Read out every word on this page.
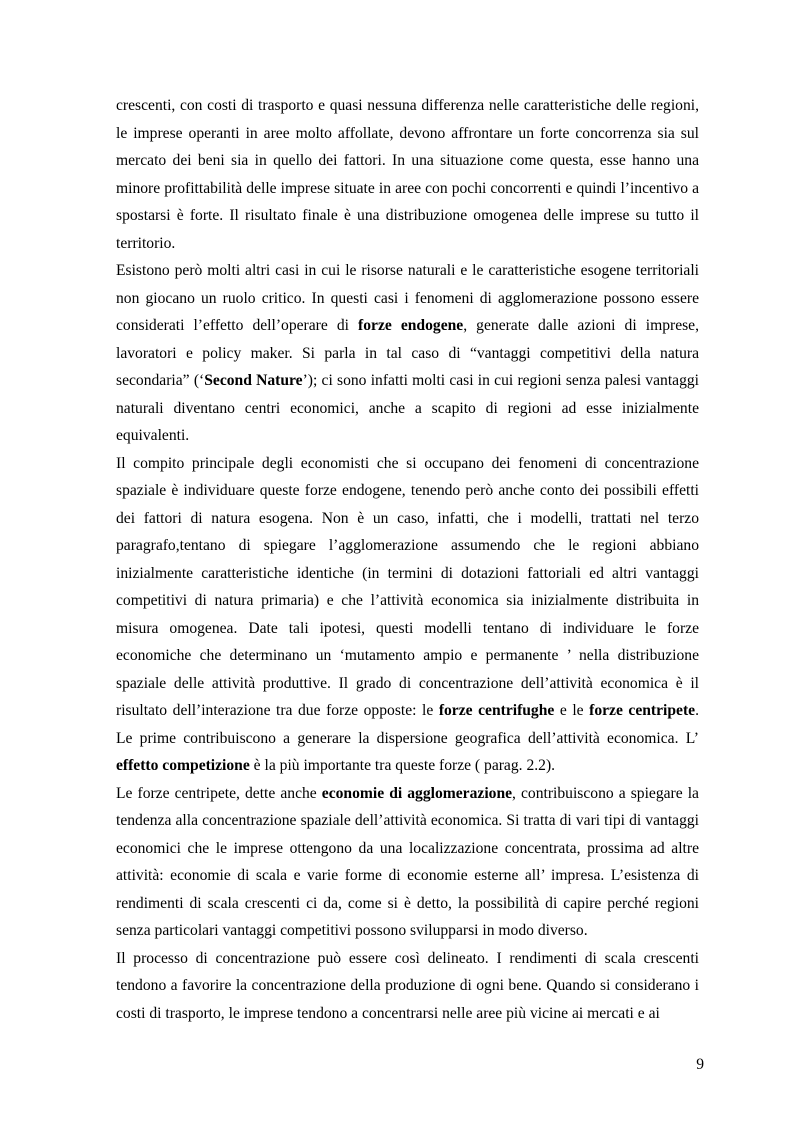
crescenti, con costi di trasporto e quasi nessuna differenza nelle caratteristiche delle regioni, le imprese operanti in aree molto affollate, devono affrontare un forte concorrenza sia sul mercato dei beni sia in quello dei fattori. In una situazione come questa, esse hanno una minore profittabilità delle imprese situate in aree con pochi concorrenti e quindi l’incentivo a spostarsi è forte. Il risultato finale è una distribuzione omogenea delle imprese su tutto il territorio.

Esistono però molti altri casi in cui le risorse naturali e le caratteristiche esogene territoriali non giocano un ruolo critico. In questi casi i fenomeni di agglomerazione possono essere considerati l’effetto dell’operare di forze endogene, generate dalle azioni di imprese, lavoratori e policy maker. Si parla in tal caso di “vantaggi competitivi della natura secondaria” (‘Second Nature’); ci sono infatti molti casi in cui regioni senza palesi vantaggi naturali diventano centri economici, anche a scapito di regioni ad esse inizialmente equivalenti.

Il compito principale degli economisti che si occupano dei fenomeni di concentrazione spaziale è individuare queste forze endogene, tenendo però anche conto dei possibili effetti dei fattori di natura esogena. Non è un caso, infatti, che i modelli, trattati nel terzo paragrafo,tentano di spiegare l’agglomerazione assumendo che le regioni abbiano inizialmente caratteristiche identiche (in termini di dotazioni fattoriali ed altri vantaggi competitivi di natura primaria) e che l’attività economica sia inizialmente distribuita in misura omogenea. Date tali ipotesi, questi modelli tentano di individuare le forze economiche che determinano un ‘mutamento ampio e permanente ’ nella distribuzione spaziale delle attività produttive. Il grado di concentrazione dell’attività economica è il risultato dell’interazione tra due forze opposte: le forze centrifughe e le forze centripete. Le prime contribuiscono a generare la dispersione geografica dell’attività economica. L’ effetto competizione è la più importante tra queste forze ( parag. 2.2).

Le forze centripete, dette anche economie di agglomerazione, contribuiscono a spiegare la tendenza alla concentrazione spaziale dell’attività economica. Si tratta di vari tipi di vantaggi economici che le imprese ottengono da una localizzazione concentrata, prossima ad altre attività: economie di scala e varie forme di economie esterne all’ impresa. L’esistenza di rendimenti di scala crescenti ci da, come si è detto, la possibilità di capire perché regioni senza particolari vantaggi competitivi possono svilupparsi in modo diverso.

Il processo di concentrazione può essere così delineato. I rendimenti di scala crescenti tendono a favorire la concentrazione della produzione di ogni bene. Quando si considerano i costi di trasporto, le imprese tendono a concentrarsi nelle aree più vicine ai mercati e ai

9
